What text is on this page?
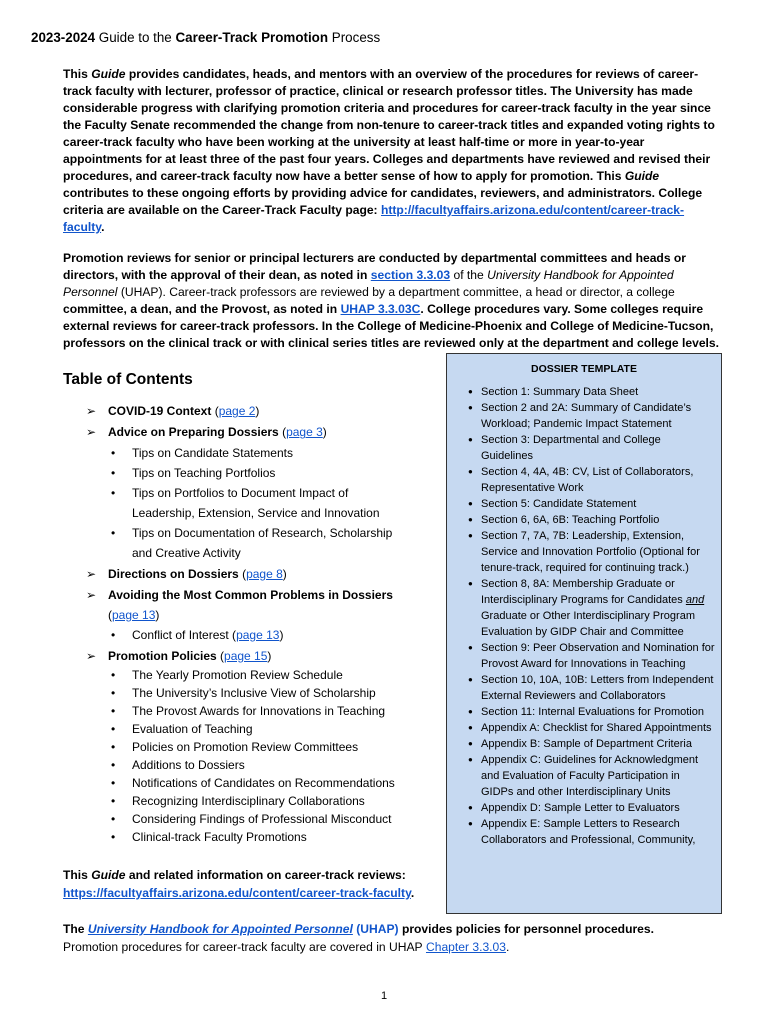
2023-2024 Guide to the Career-Track Promotion Process
This Guide provides candidates, heads, and mentors with an overview of the procedures for reviews of career-
track faculty with lecturer, professor of practice, clinical or research professor titles. The University has made
considerable progress with clarifying promotion criteria and procedures for career-track faculty in the year since
the Faculty Senate recommended the change from non-tenure to career-track titles and expanded voting rights to
career-track faculty who have been working at the university at least half-time or more in year-to-year
appointments for at least three of the past four years. Colleges and departments have reviewed and revised their
procedures, and career-track faculty now have a better sense of how to apply for promotion. This Guide
contributes to these ongoing efforts by providing advice for candidates, reviewers, and administrators. College
criteria are available on the Career-Track Faculty page: http://facultyaffairs.arizona.edu/content/career-track-
faculty.
Promotion reviews for senior or principal lecturers are conducted by departmental committees and heads or
directors, with the approval of their dean, as noted in section 3.3.03 of the University Handbook for Appointed
Personnel (UHAP). Career-track professors are reviewed by a department committee, a head or director, a college
committee, a dean, and the Provost, as noted in UHAP 3.3.03C. College procedures vary. Some colleges require
external reviews for career-track professors. In the College of Medicine-Phoenix and College of Medicine-Tucson,
professors on the clinical track or with clinical series titles are reviewed only at the department and college levels.
Table of Contents
➢ COVID-19 Context (page 2)
➢ Advice on Preparing Dossiers (page 3)
• Tips on Candidate Statements
• Tips on Teaching Portfolios
• Tips on Portfolios to Document Impact of
Leadership, Extension, Service and Innovation
• Tips on Documentation of Research, Scholarship
and Creative Activity
➢ Directions on Dossiers (page 8)
➢ Avoiding the Most Common Problems in Dossiers
(page 13)
• Conflict of Interest (page 13)
➢ Promotion Policies (page 15)
• The Yearly Promotion Review Schedule
• The University’s Inclusive View of Scholarship
• The Provost Awards for Innovations in Teaching
• Evaluation of Teaching
• Policies on Promotion Review Committees
• Additions to Dossiers
• Notifications of Candidates on Recommendations
• Recognizing Interdisciplinary Collaborations
• Considering Findings of Professional Misconduct
• Clinical-track Faculty Promotions
DOSSIER TEMPLATE
● Section 1: Summary Data Sheet
● Section 2 and 2A: Summary of Candidate’s Workload; Pandemic Impact Statement
● Section 3: Departmental and College Guidelines
● Section 4, 4A, 4B: CV, List of Collaborators, Representative Work
● Section 5: Candidate Statement
● Section 6, 6A, 6B: Teaching Portfolio
● Section 7, 7A, 7B: Leadership, Extension, Service and Innovation Portfolio (Optional for tenure-track, required for continuing track.)
● Section 8, 8A: Membership Graduate or Interdisciplinary Programs for Candidates and Graduate or Other Interdisciplinary Program Evaluation by GIDP Chair and Committee
● Section 9: Peer Observation and Nomination for Provost Award for Innovations in Teaching
● Section 10, 10A, 10B: Letters from Independent External Reviewers and Collaborators
● Section 11: Internal Evaluations for Promotion
● Appendix A: Checklist for Shared Appointments
● Appendix B: Sample of Department Criteria
● Appendix C: Guidelines for Acknowledgment and Evaluation of Faculty Participation in GIDPs and other Interdisciplinary Units
● Appendix D: Sample Letter to Evaluators
● Appendix E: Sample Letters to Research Collaborators and Professional, Community,
This Guide and related information on career-track reviews:
https://facultyaffairs.arizona.edu/content/career-track-faculty.
The University Handbook for Appointed Personnel (UHAP) provides policies for personnel procedures.
Promotion procedures for career-track faculty are covered in UHAP Chapter 3.3.03.
1
